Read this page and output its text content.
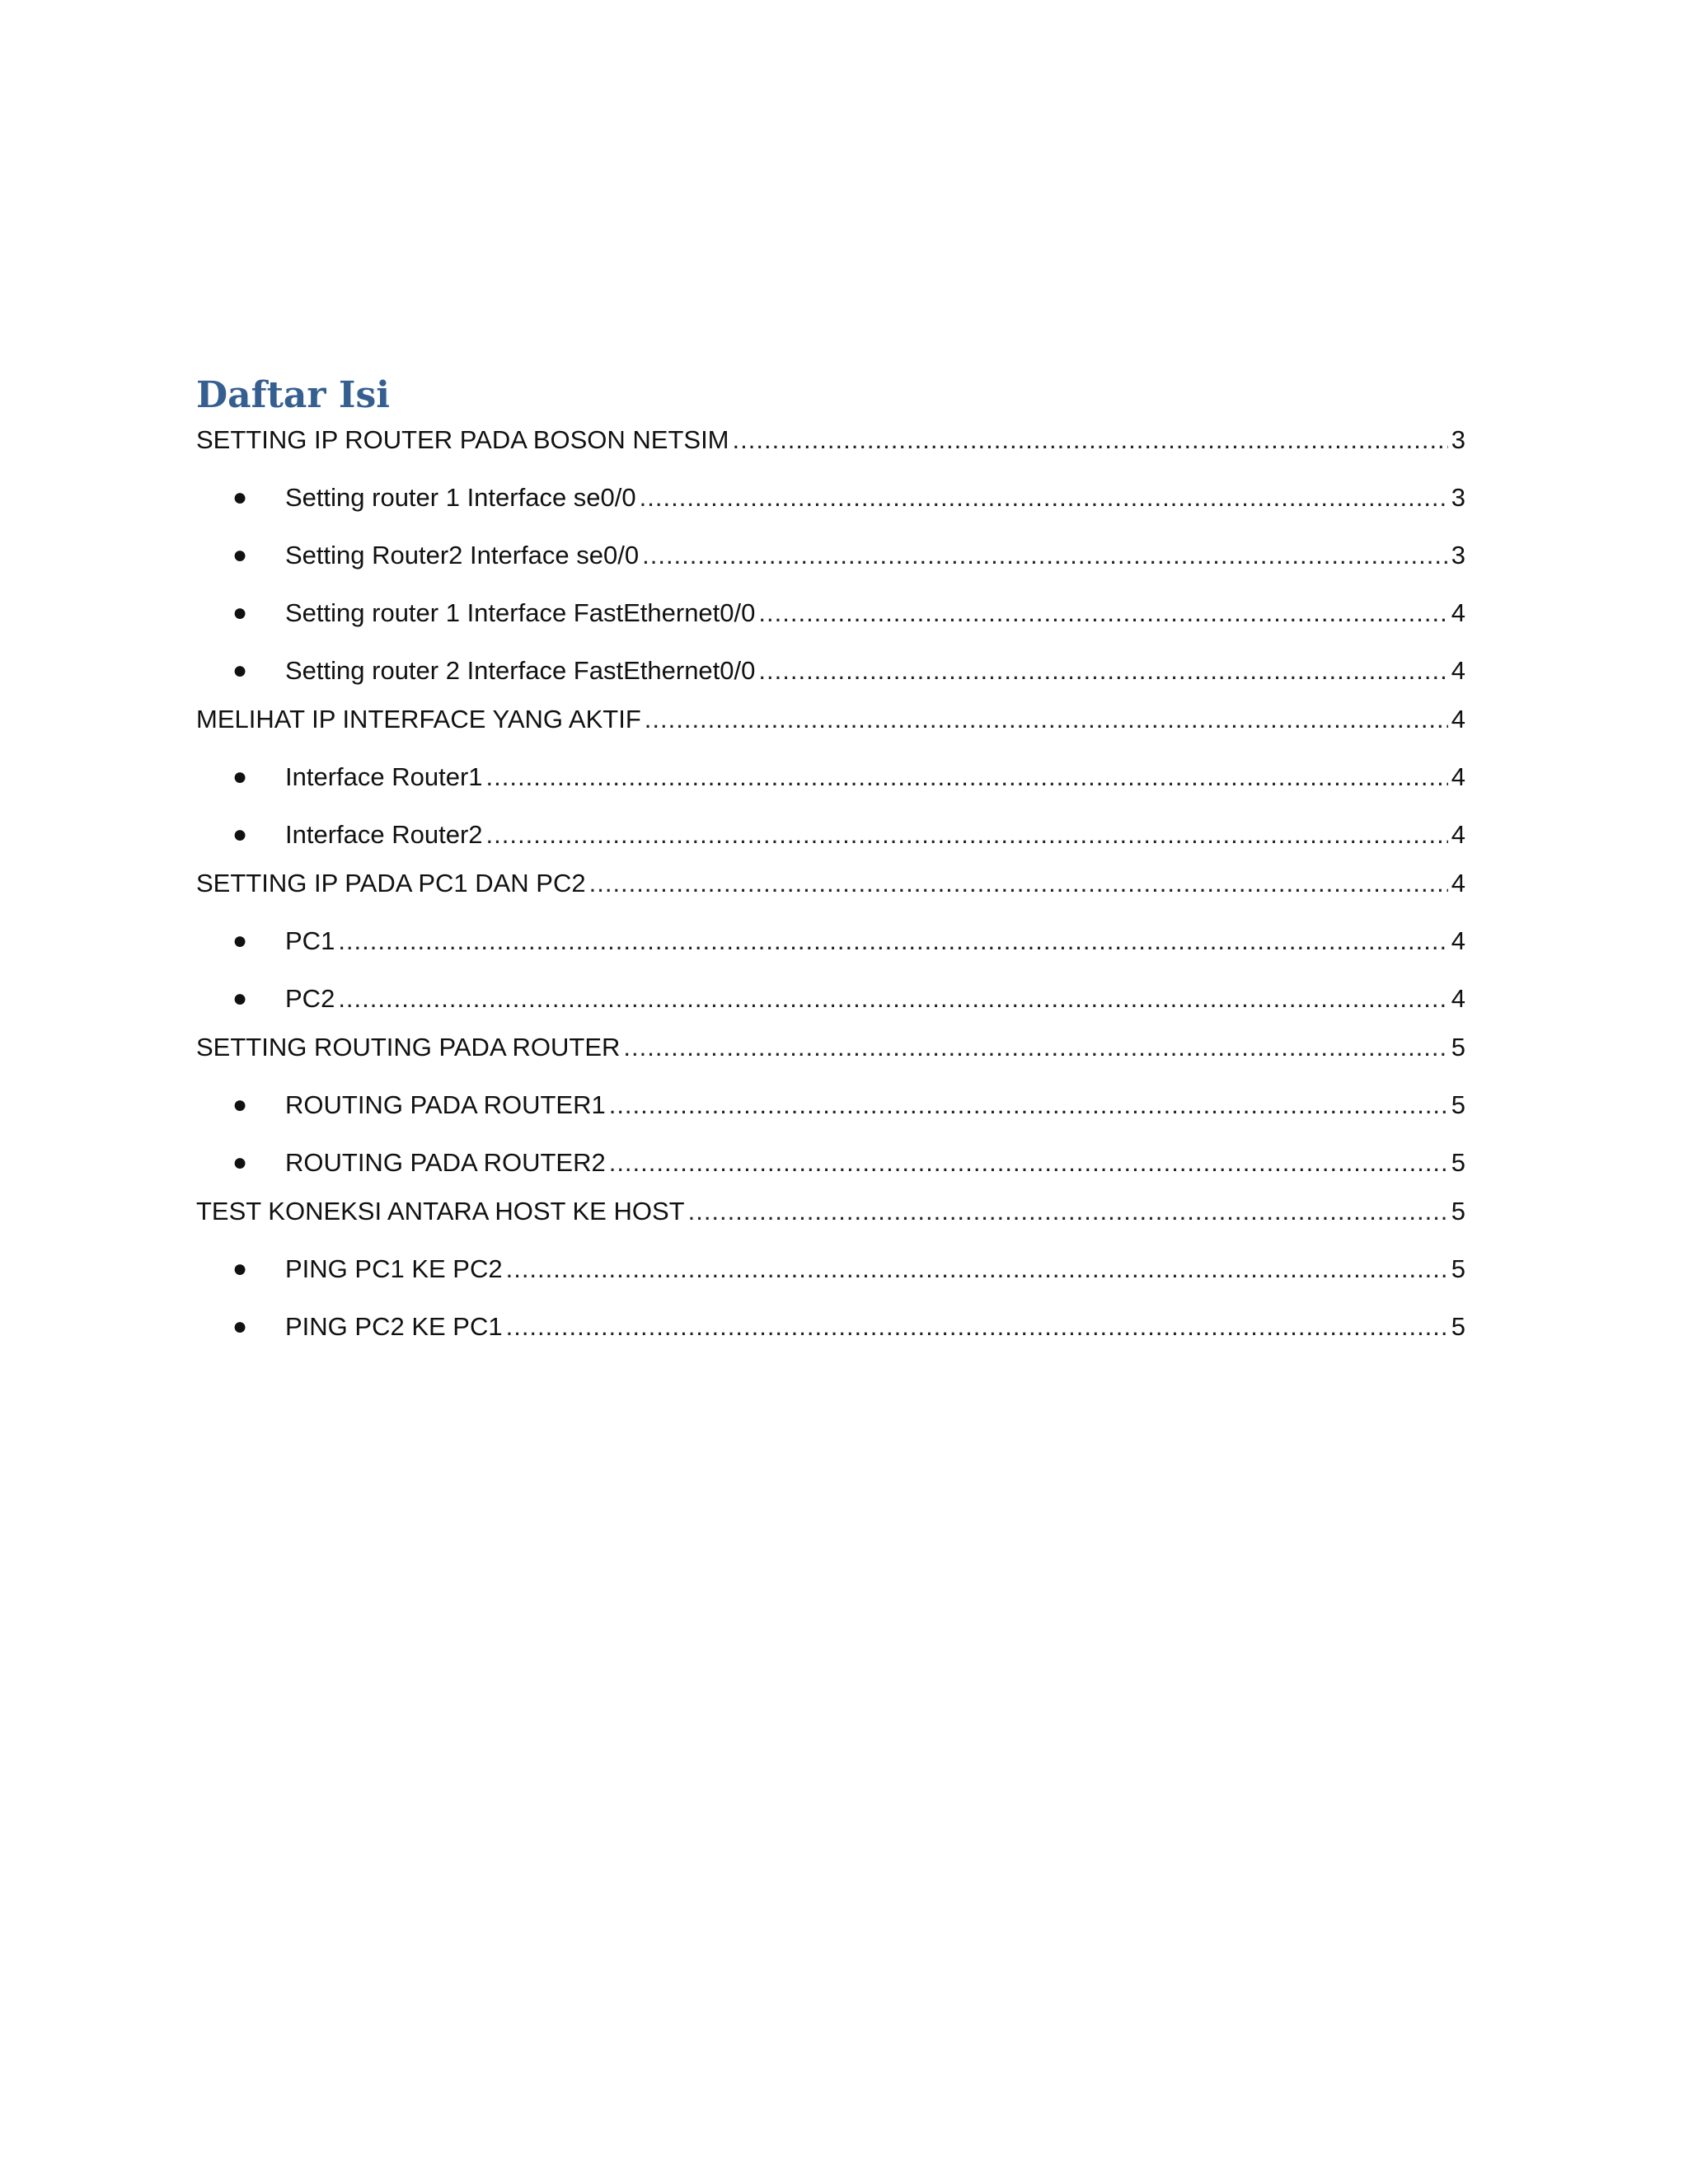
Daftar Isi
SETTING IP ROUTER PADA BOSON NETSIM .....	3
● Setting router 1 Interface se0/0 .....	3
● Setting Router2 Interface se0/0 .....	3
● Setting router 1 Interface FastEthernet0/0 .....	4
● Setting router 2 Interface FastEthernet0/0 .....	4
MELIHAT IP INTERFACE YANG AKTIF .....	4
● Interface Router1 .....	4
● Interface Router2 .....	4
SETTING IP PADA PC1 DAN PC2 .....	4
● PC1 .....	4
● PC2 .....	4
SETTING ROUTING PADA ROUTER .....	5
● ROUTING PADA ROUTER1 .....	5
● ROUTING PADA ROUTER2 .....	5
TEST KONEKSI ANTARA HOST KE HOST .....	5
● PING PC1 KE PC2 .....	5
● PING PC2 KE PC1 .....	5
